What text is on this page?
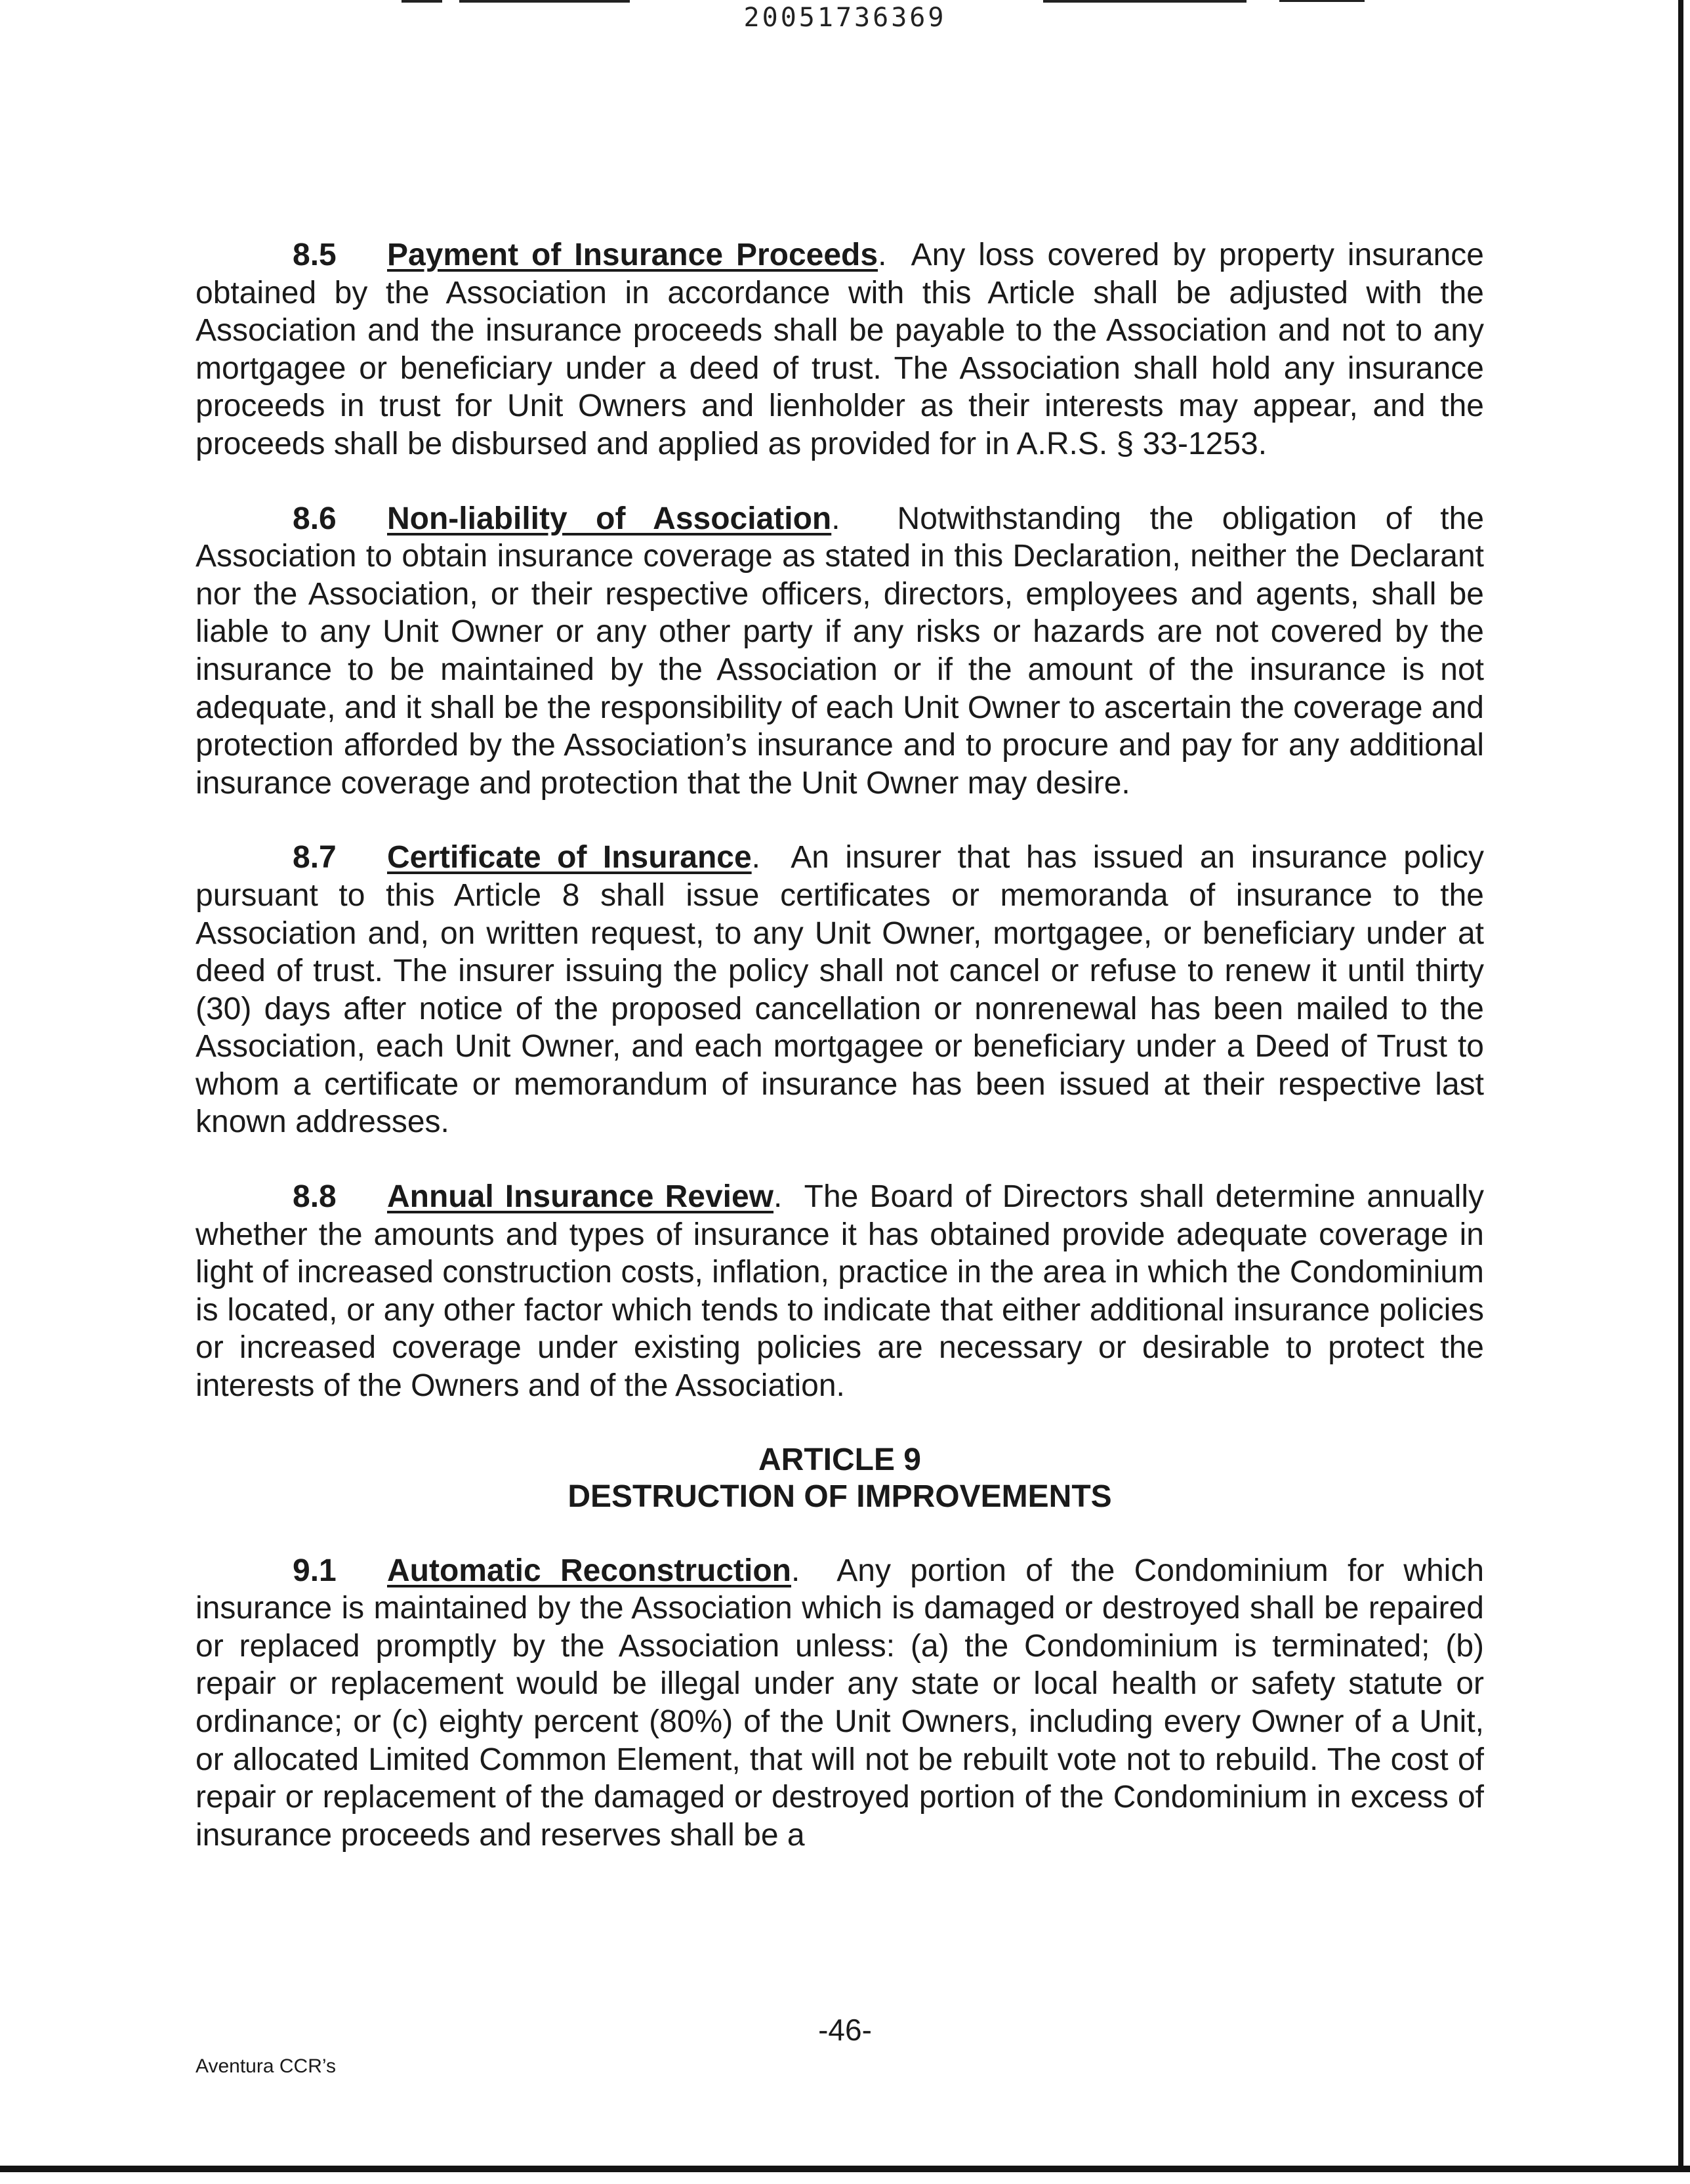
20051736369

8.5 Payment of Insurance Proceeds.  Any loss covered by property insurance obtained by the Association in accordance with this Article shall be adjusted with the Association and the insurance proceeds shall be payable to the Association and not to any mortgagee or beneficiary under a deed of trust. The Association shall hold any insurance proceeds in trust for Unit Owners and lienholder as their interests may appear, and the proceeds shall be disbursed and applied as provided for in A.R.S. § 33-1253.

8.6 Non-liability of Association.  Notwithstanding the obligation of the Association to obtain insurance coverage as stated in this Declaration, neither the Declarant nor the Association, or their respective officers, directors, employees and agents, shall be liable to any Unit Owner or any other party if any risks or hazards are not covered by the insurance to be maintained by the Association or if the amount of the insurance is not adequate, and it shall be the responsibility of each Unit Owner to ascertain the coverage and protection afforded by the Association’s insurance and to procure and pay for any additional insurance coverage and protection that the Unit Owner may desire.

8.7 Certificate of Insurance.  An insurer that has issued an insurance policy pursuant to this Article 8 shall issue certificates or memoranda of insurance to the Association and, on written request, to any Unit Owner, mortgagee, or beneficiary under at deed of trust. The insurer issuing the policy shall not cancel or refuse to renew it until thirty (30) days after notice of the proposed cancellation or nonrenewal has been mailed to the Association, each Unit Owner, and each mortgagee or beneficiary under a Deed of Trust to whom a certificate or memorandum of insurance has been issued at their respective last known addresses.

8.8 Annual Insurance Review.  The Board of Directors shall determine annually whether the amounts and types of insurance it has obtained provide adequate coverage in light of increased construction costs, inflation, practice in the area in which the Condominium is located, or any other factor which tends to indicate that either additional insurance policies or increased coverage under existing policies are necessary or desirable to protect the interests of the Owners and of the Association.

ARTICLE 9
DESTRUCTION OF IMPROVEMENTS

9.1 Automatic Reconstruction.  Any portion of the Condominium for which insurance is maintained by the Association which is damaged or destroyed shall be repaired or replaced promptly by the Association unless: (a) the Condominium is terminated; (b) repair or replacement would be illegal under any state or local health or safety statute or ordinance; or (c) eighty percent (80%) of the Unit Owners, including every Owner of a Unit, or allocated Limited Common Element, that will not be rebuilt vote not to rebuild. The cost of repair or replacement of the damaged or destroyed portion of the Condominium in excess of insurance proceeds and reserves shall be a

-46-
Aventura CCR’s
